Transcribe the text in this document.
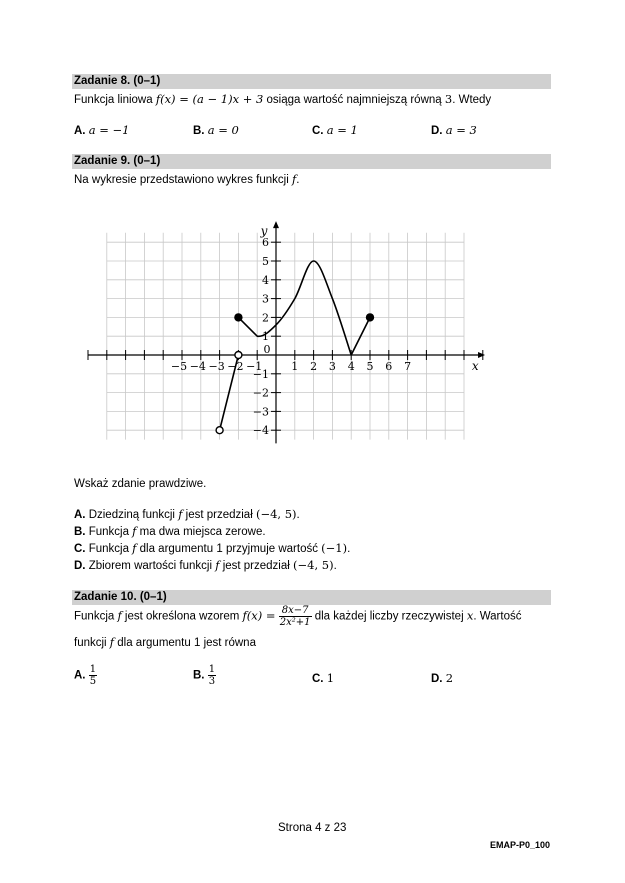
Zadanie 8. (0–1)
Funkcja liniowa f(x) = (a − 1)x + 3 osiąga wartość najmniejszą równą 3. Wtedy
A. a = −1	B. a = 0	C. a = 1	D. a = 3
Zadanie 9. (0–1)
Na wykresie przedstawiono wykres funkcji f.
−5 −4 −3 −2 −1	1 2 3 4 5 6 7
6
5
4
3
2
1
−1
−2
−3
−4
0
x
y
Wskaż zdanie prawdziwe.
A. Dziedziną funkcji f jest przedział (−4, 5).
B. Funkcja f ma dwa miejsca zerowe.
C. Funkcja f dla argumentu 1 przyjmuje wartość (−1).
D. Zbiorem wartości funkcji f jest przedział (−4, 5).
Zadanie 10. (0–1)
Funkcja f jest określona wzorem $f(x) = \frac{8x-7}{\text{2x²+1}}$ dla każdej liczby rzeczywistej x. Wartość
funkcji f dla argumentu 1 jest równa
A. $\frac{1}{5}$	B. $\frac{1}{3}$	C. 1	D. 2
Strona 4 z 23
EMAP-P0_100
